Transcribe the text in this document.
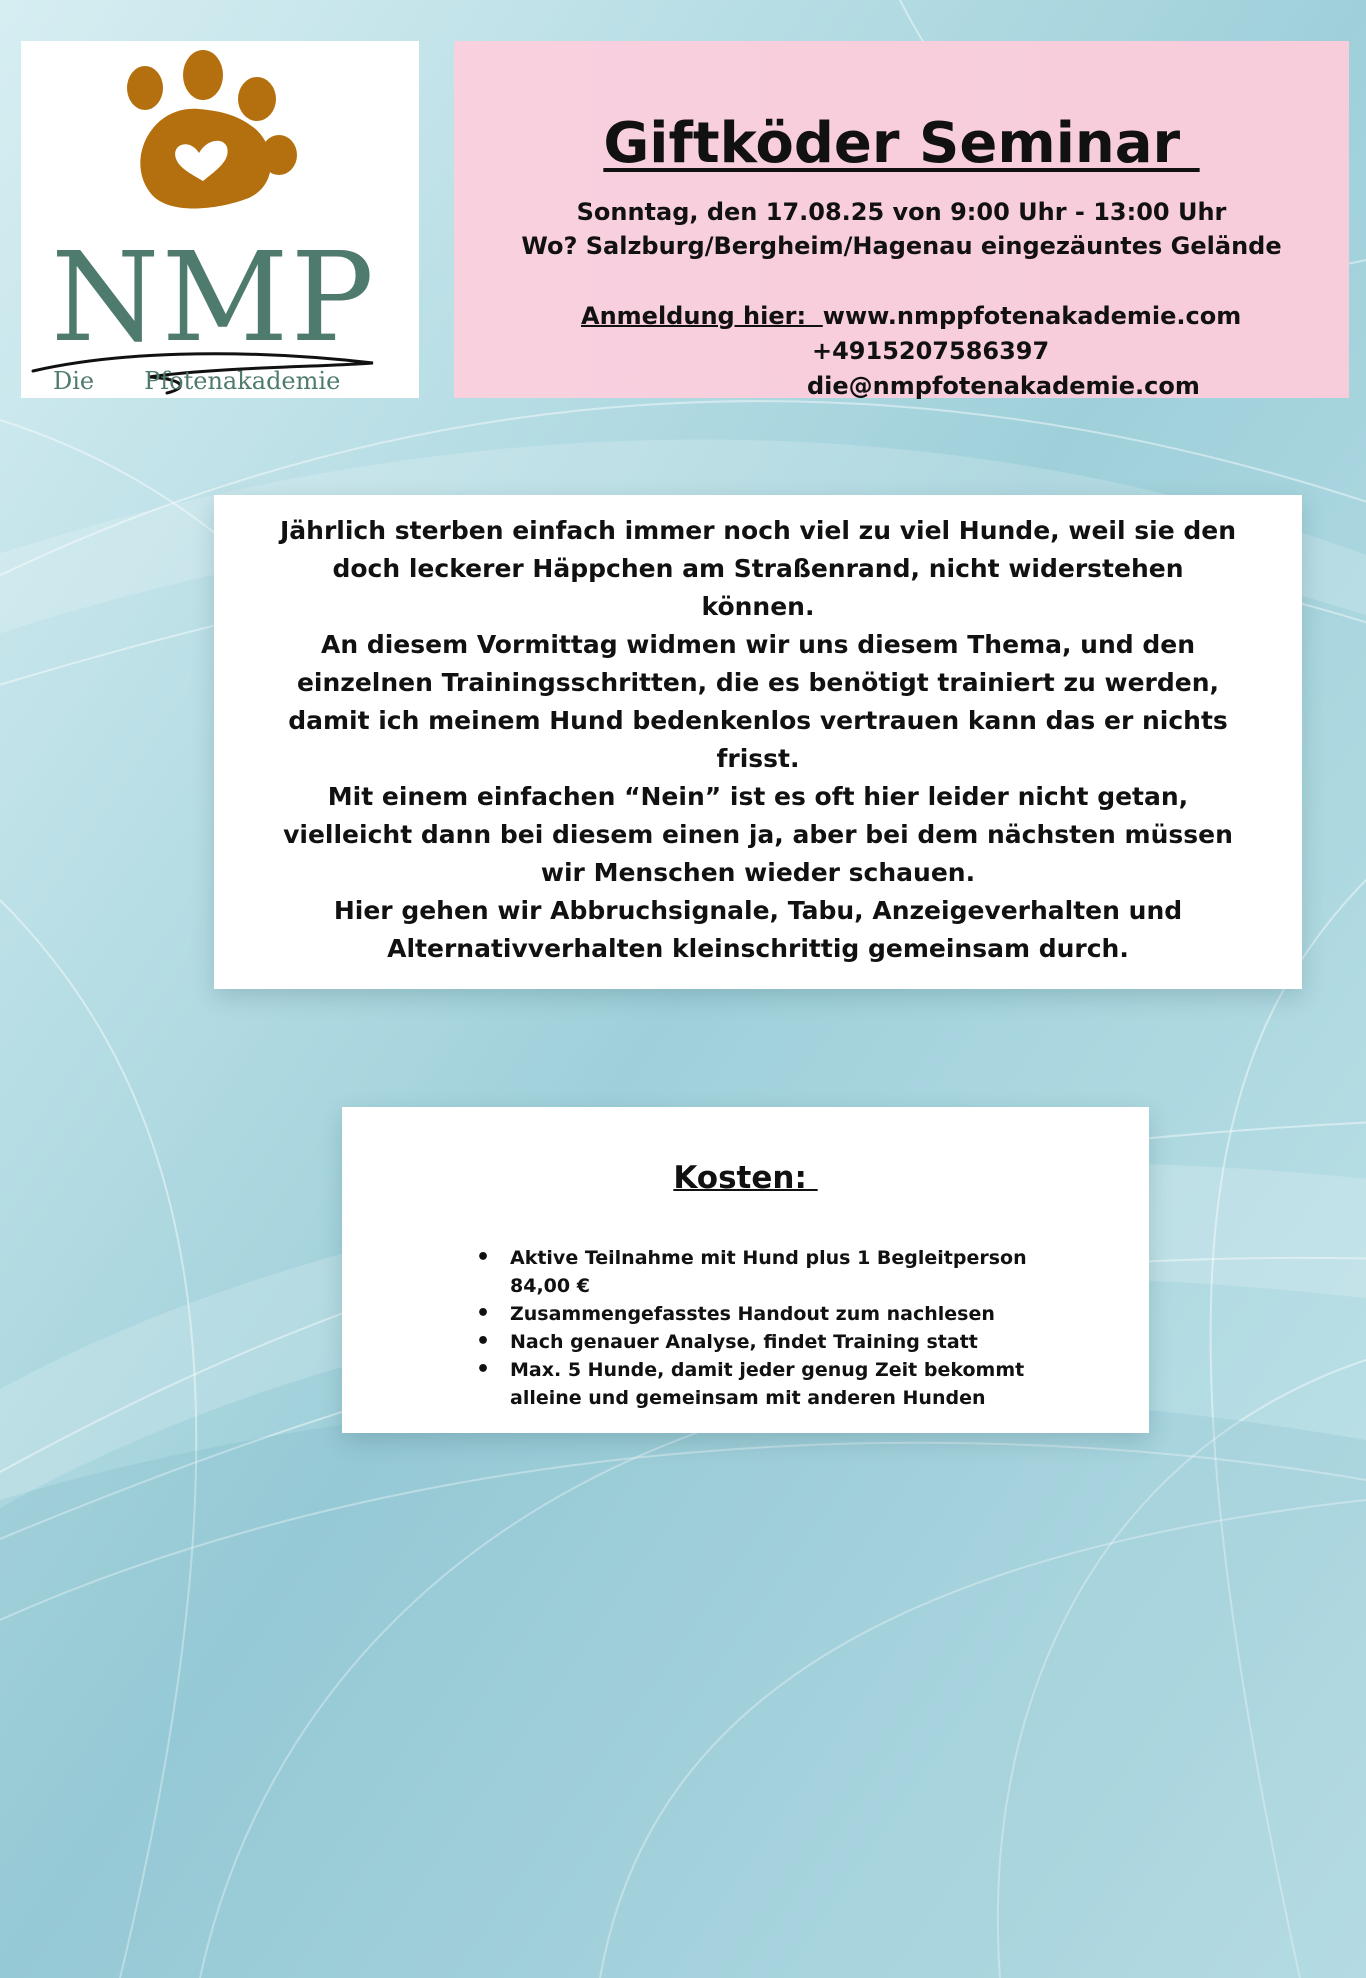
NMP

Die Pfotenakademie

Giftköder Seminar

Sonntag, den 17.08.25 von 9:00 Uhr - 13:00 Uhr

Wo? Salzburg/Bergheim/Hagenau eingezäuntes Gelände

Anmeldung hier:  www.nmppfotenakademie.com
+4915207586397
die@nmpfotenakademie.com

Jährlich sterben einfach immer noch viel zu viel Hunde, weil sie den doch leckerer Häppchen am Straßenrand, nicht widerstehen können.

An diesem Vormittag widmen wir uns diesem Thema, und den einzelnen Trainingsschritten, die es benötigt trainiert zu werden, damit ich meinem Hund bedenkenlos vertrauen kann das er nichts frisst.

Mit einem einfachen “Nein” ist es oft hier leider nicht getan, vielleicht dann bei diesem einen ja, aber bei dem nächsten müssen wir Menschen wieder schauen.

Hier gehen wir Abbruchsignale, Tabu, Anzeigeverhalten und Alternativverhalten kleinschrittig gemeinsam durch.

Kosten:
• Aktive Teilnahme mit Hund plus 1 Begleitperson 84,00 €
• Zusammengefasstes Handout zum nachlesen
• Nach genauer Analyse, findet Training statt
• Max. 5 Hunde, damit jeder genug Zeit bekommt alleine und gemeinsam mit anderen Hunden
